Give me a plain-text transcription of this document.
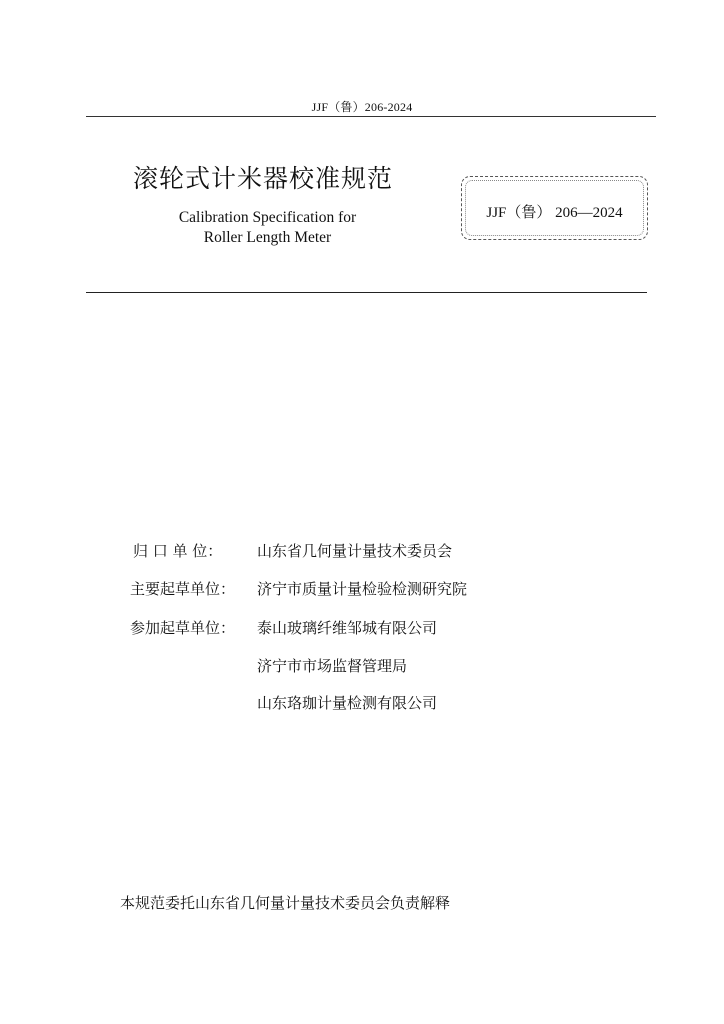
JJF（鲁）206-2024
滚轮式计米器校准规范
Calibration Specification for
Roller Length Meter
JJF（鲁） 206—2024
归 口 单 位： 山东省几何量计量技术委员会
主要起草单位： 济宁市质量计量检验检测研究院
参加起草单位： 泰山玻璃纤维邹城有限公司
济宁市市场监督管理局
山东珞珈计量检测有限公司
本规范委托山东省几何量计量技术委员会负责解释
